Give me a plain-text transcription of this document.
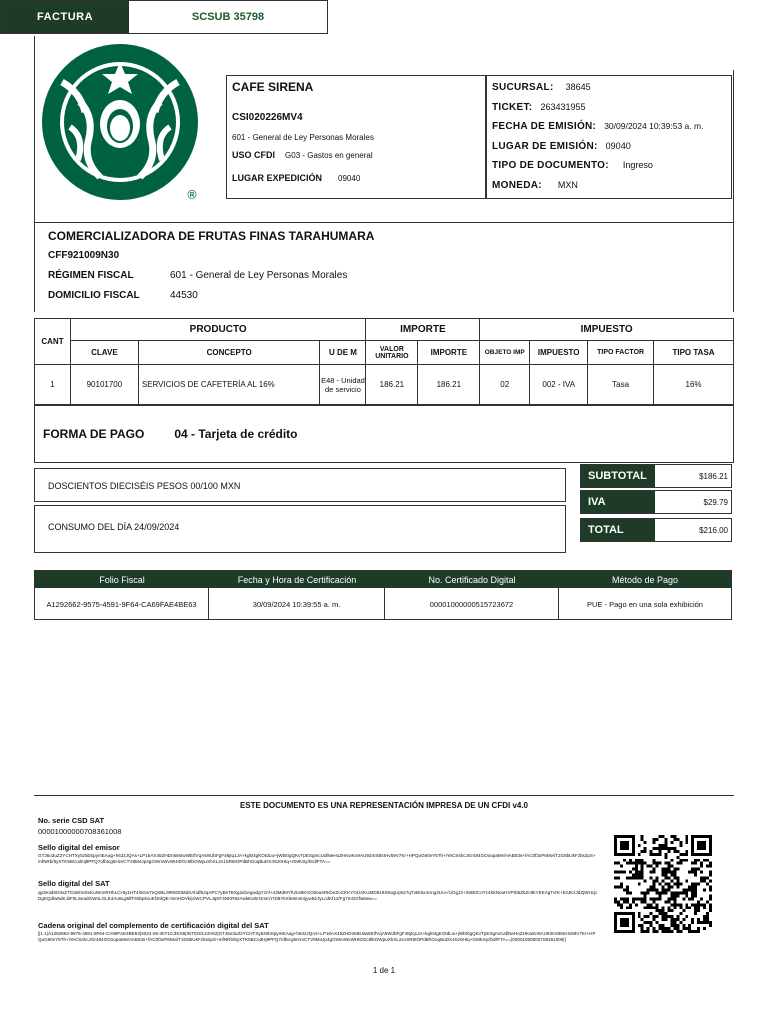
®
FACTURA	SCSUB 35798
CAFE SIRENA
CSI020226MV4
601 - General de Ley Personas Morales
USO CFDI G03 - Gastos en general
LUGAR EXPEDICIÓN 09040
SUCURSAL: 38645
TICKET: 263431955
FECHA DE EMISIÓN: 30/09/2024 10:39:53 a. m.
LUGAR DE EMISIÓN: 09040
TIPO DE DOCUMENTO: Ingreso
MONEDA: MXN
COMERCIALIZADORA DE FRUTAS FINAS TARAHUMARA
CFF921009N30
RÉGIMEN FISCAL	601 - General de Ley Personas Morales
DOMICILIO FISCAL	44530
CANT	PRODUCTO			IMPORTE		IMPUESTO			
	CLAVE	CONCEPTO	U DE M	VALOR UNITARIO	IMPORTE	OBJETO IMP	IMPUESTO	TIPO FACTOR	TIPO TASA
1	90101700	SERVICIOS DE CAFETERÍA AL 16%	E48 - Unidad de servicio	186.21	186.21	02	002 - IVA	Tasa	16%
FORMA DE PAGO	04 - Tarjeta de crédito
DOSCIENTOS DIECISÉIS PESOS 00/100 MXN
CONSUMO DEL DÍA 24/09/2024
SUBTOTAL	$186.21
IVA	$29.79
TOTAL	$216.00
Folio Fiscal	Fecha y Hora de Certificación	No. Certificado Digital	Método de Pago
A1292662-9575-4591-9F64-CA69FAE4BE63	30/09/2024 10:39:55 a. m.	00001000000515723672	PUE - Pago en una sola exhibición
ESTE DOCUMENTO ES UNA REPRESENTACIÓN IMPRESA DE UN CFDI v4.0
No. serie CSD SAT
00001000000708361008
Sello digital del emisor
GTJ6o3uZ2YCHTXy5z5bSpymEAag+h63zJQAs+LP16AX45ZHDn58sIwWEIfVqA5WJbFgF48jIq1JA+kgl04gKOtdLw+jWbI0gQKvTpESgmcUdlNeHoZHKwKn9AU93mSBsIHv59V7Kr+HPQuG60vY5Th+iYeCSshcJGr484GOoopaMv/HAB03s+fAC0f3xP6Mvi/T2G8bUkFzbs2pS+mfNRb/6yXTK5BCodHj9PFQ7ofbIcg6HzvCTV8M4Jp4gGWmWvWHIDGc8lbOWpuXhXL2x1SRt6OPdBhOoqBuDX4Sz0Htq+GMKSy/DollFTA==
Sello digital del SAT
qp3e3d6G0xZ7G3elnnDxKuNmnRHhLCHty1HT4/5Gw7eQsBL/9R8O0MdSAhdf52qAPC7yBsTBXg2d1egwdgYznf+43MdMYfUk1BKGO0ea4RKbeZoCKKYOUAKUMD818S9ogUp5z7qTvBr5x4Ang3Uo+/UOgJ2+3SB0CoTz4SkNouHVPrb5Z6Zc9kYEKAgTvrK+b4JKzJdZjWHcjcDgKQdlw5dKJiiF0LSeadGWnLGLE4Au8Lg5ifF40bpkvuKf3nlQE+5mHOVk/p/WCPVLJqKF4NKR92AwkEw5rOmmYrD8YkXle8mnI4jywBzJyLcdKf12/Fg7mGGfw6ew==
Cadena original del complemento de certificación digital del SAT
||1.1|A1292662-9575-4591-9F64-CA69FAE4BE63|2024-09-30T10:39:55|INT020124V62|GTJ6o3uZ2YCHTXy5z5bSpymEAag+h63zJQAs+LP16AX45ZHDn58sIwWEIfVqA5WJbFgF48jIq1JA+kgl04gKOtdLw+jWbI0gQKvTpESgmcUdlNeHoZHKwKn9AU93mSBsIHv59V7Kr+HPQuG60vY5Th+iYeCSshcJGr484GOoopaMv/HAB03s+fAC0f3xP6Mvi/T2G8bUkFzbs2pS+mfNRb/6yXTK5BCodHj9PFQ7ofbIcg6HzvCTV8M4Jp4gGWmWvWHIDGc8lbOWpuXhXL2x1SRt6OPdBhOoqBuDX4Sz0Htq+GMKSy/DollFTA==|00001000000708361008||
1 de 1
